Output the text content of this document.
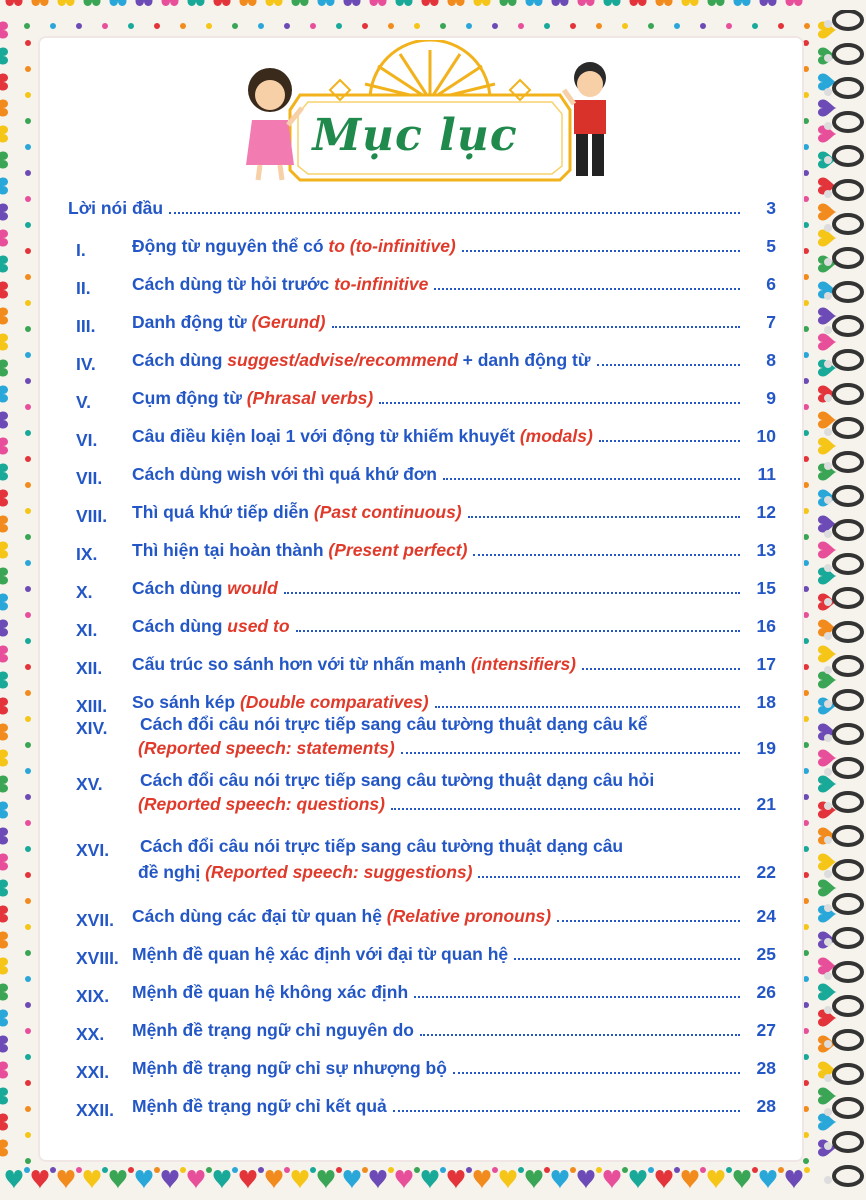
Mục lục
Lời nói đầu	3
I.	Động từ nguyên thể có to (to-infinitive)	5
II. Cách dùng từ hỏi trước to-infinitive	6
III. Danh động từ (Gerund)	7
IV. Cách dùng suggest/advise/recommend + danh động từ	8
V. Cụm động từ (Phrasal verbs)	9
VI. Câu điều kiện loại 1 với động từ khiếm khuyết (modals)	10
VII. Cách dùng wish với thì quá khứ đơn	11
VIII. Thì quá khứ tiếp diễn (Past continuous)	12
IX. Thì hiện tại hoàn thành (Present perfect)	13
X. Cách dùng would	15
XI. Cách dùng used to	16
XII. Cấu trúc so sánh hơn với từ nhấn mạnh (intensifiers)	17
XIII. So sánh kép (Double comparatives)	18
XIV. Cách đổi câu nói trực tiếp sang câu tường thuật dạng câu kể
(Reported speech: statements)	19
XV. Cách đổi câu nói trực tiếp sang câu tường thuật dạng câu hỏi
(Reported speech: questions)	21
XVI. Cách đổi câu nói trực tiếp sang câu tường thuật dạng câu
đề nghị (Reported speech: suggestions)	22
XVII. Cách dùng các đại từ quan hệ (Relative pronouns)	24
XVIII. Mệnh đề quan hệ xác định với đại từ quan hệ	25
XIX. Mệnh đề quan hệ không xác định	26
XX. Mệnh đề trạng ngữ chỉ nguyên do	27
XXI. Mệnh đề trạng ngữ chỉ sự nhượng bộ	28
XXII. Mệnh đề trạng ngữ chỉ kết quả	28
